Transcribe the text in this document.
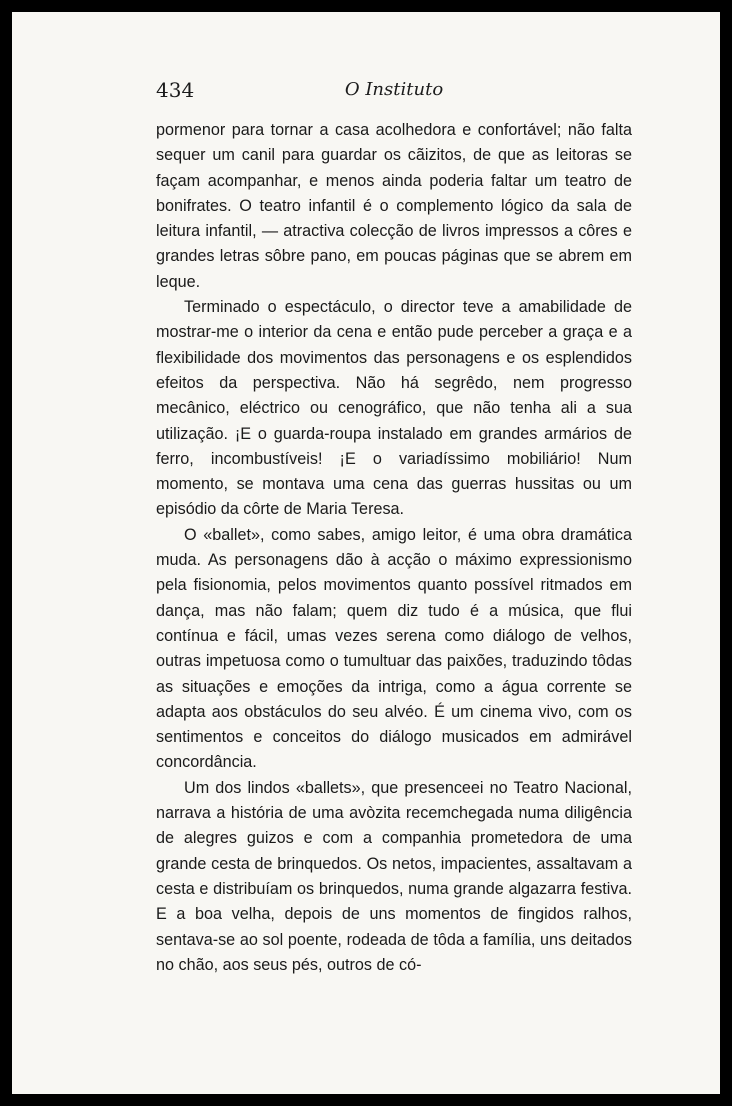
434	O Instituto

pormenor para tornar a casa acolhedora e confortável; não falta sequer um canil para guardar os cãizitos, de que as leitoras se façam acompanhar, e menos ainda poderia faltar um teatro de bonifrates. O teatro infantil é o complemento lógico da sala de leitura infantil, — atractiva colecção de livros impressos a côres e grandes letras sôbre pano, em poucas páginas que se abrem em leque.

Terminado o espectáculo, o director teve a amabilidade de mostrar-me o interior da cena e então pude perceber a graça e a flexibilidade dos movimentos das personagens e os esplendidos efeitos da perspectiva. Não há segrêdo, nem progresso mecânico, eléctrico ou cenográfico, que não tenha ali a sua utilização. ¡E o guarda-roupa instalado em grandes armários de ferro, incombustíveis! ¡E o variadíssimo mobiliário! Num momento, se montava uma cena das guerras hussitas ou um episódio da côrte de Maria Teresa.

O «ballet», como sabes, amigo leitor, é uma obra dramática muda. As personagens dão à acção o máximo expressionismo pela fisionomia, pelos movimentos quanto possível ritmados em dança, mas não falam; quem diz tudo é a música, que flui contínua e fácil, umas vezes serena como diálogo de velhos, outras impetuosa como o tumultuar das paixões, traduzindo tôdas as situações e emoções da intriga, como a água corrente se adapta aos obstáculos do seu alvéo. É um cinema vivo, com os sentimentos e conceitos do diálogo musicados em admirável concordância.

Um dos lindos «ballets», que presenceei no Teatro Nacional, narrava a história de uma avòzita recemchegada numa diligência de alegres guizos e com a companhia prometedora de uma grande cesta de brinquedos. Os netos, impacientes, assaltavam a cesta e distribuíam os brinquedos, numa grande algazarra festiva. E a boa velha, depois de uns momentos de fingidos ralhos, sentava-se ao sol poente, rodeada de tôda a família, uns deitados no chão, aos seus pés, outros de có-
